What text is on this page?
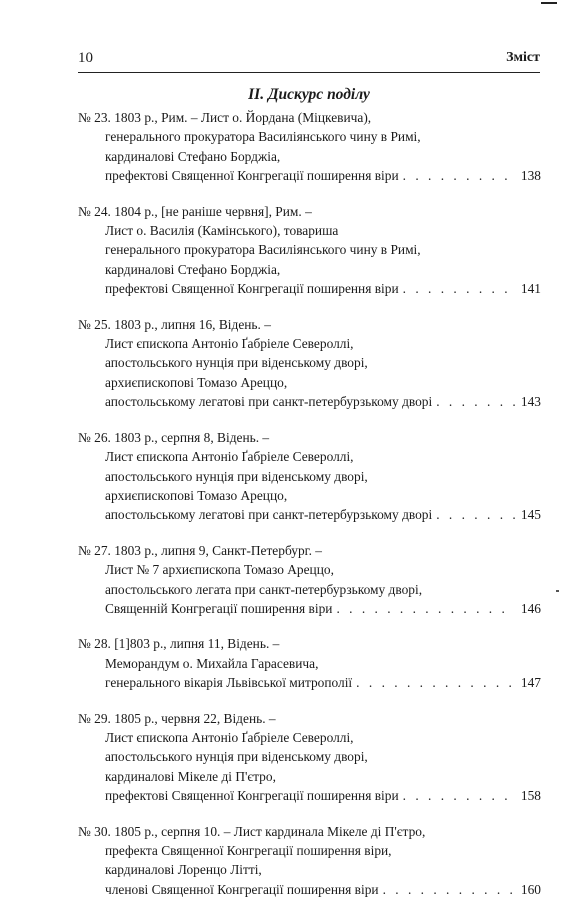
10	Зміст
ІІ. Дискурс поділу
№ 23. 1803 р., Рим. – Лист о. Йордана (Міцкевича),
генерального прокуратора Василіянського чину в Римі,
кардиналові Стефано Борджіа,
префектові Священної Конгрегації поширення віри . . .	138
№ 24. 1804 р., [не раніше червня], Рим. –
Лист о. Василія (Камінського), товариша
генерального прокуратора Василіянського чину в Римі,
кардиналові Стефано Борджіа,
префектові Священної Конгрегації поширення віри . . .	141
№ 25. 1803 р., липня 16, Відень. –
Лист єпископа Антоніо Ґабріеле Североллі,
апостольського нунція при віденському дворі,
архиєпископові Томазо Ареццо,
апостольському легатові при санкт-петербурзькому дворі . . .	143
№ 26. 1803 р., серпня 8, Відень. –
Лист єпископа Антоніо Ґабріеле Североллі,
апостольського нунція при віденському дворі,
архиєпископові Томазо Ареццо,
апостольському легатові при санкт-петербурзькому дворі . . .	145
№ 27. 1803 р., липня 9, Санкт-Петербург. –
Лист № 7 архиєпископа Томазо Ареццо,
апостольського легата при санкт-петербурзькому дворі,
Священній Конгрегації поширення віри . . .	146
№ 28. [1]803 р., липня 11, Відень. –
Меморандум о. Михайла Гарасевича,
генерального вікарія Львівської митрополії . . .	147
№ 29. 1805 р., червня 22, Відень. –
Лист єпископа Антоніо Ґабріеле Североллі,
апостольського нунція при віденському дворі,
кардиналові Мікеле ді П'єтро,
префектові Священної Конгрегації поширення віри . . .	158
№ 30. 1805 р., серпня 10. – Лист кардинала Мікеле ді П'єтро,
префекта Священної Конгрегації поширення віри,
кардиналові Лоренцо Літті,
членові Священної Конгрегації поширення віри . . .	160
